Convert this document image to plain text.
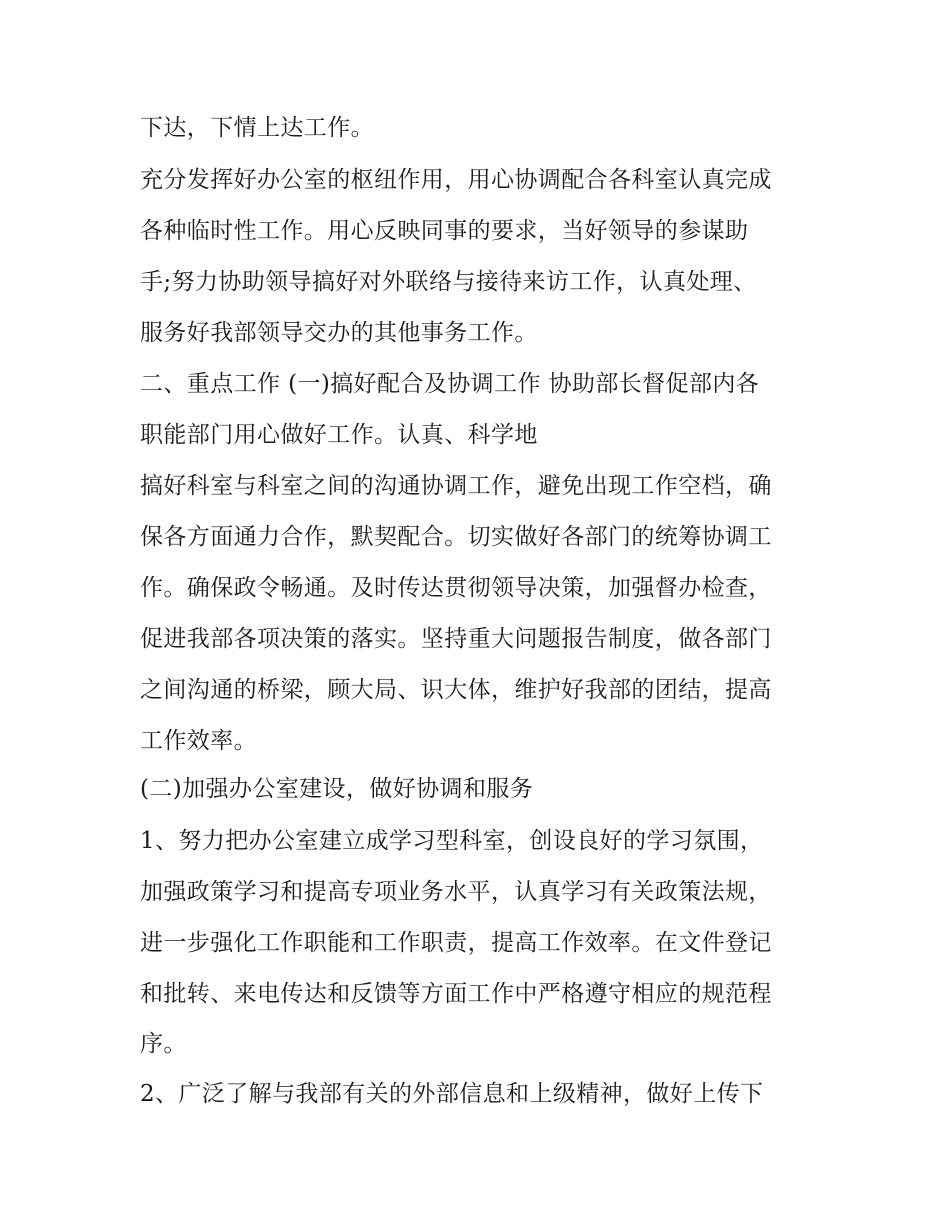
下达，下情上达工作。
充分发挥好办公室的枢纽作用，用心协调配合各科室认真完成
各种临时性工作。用心反映同事的要求，当好领导的参谋助
手;努力协助领导搞好对外联络与接待来访工作，认真处理、
服务好我部领导交办的其他事务工作。
二、重点工作 (一)搞好配合及协调工作 协助部长督促部内各
职能部门用心做好工作。认真、科学地
搞好科室与科室之间的沟通协调工作，避免出现工作空档，确
保各方面通力合作，默契配合。切实做好各部门的统筹协调工
作。确保政令畅通。及时传达贯彻领导决策，加强督办检查，
促进我部各项决策的落实。坚持重大问题报告制度，做各部门
之间沟通的桥梁，顾大局、识大体，维护好我部的团结，提高
工作效率。
(二)加强办公室建设，做好协调和服务
1、努力把办公室建立成学习型科室，创设良好的学习氛围，
加强政策学习和提高专项业务水平，认真学习有关政策法规，
进一步强化工作职能和工作职责，提高工作效率。在文件登记
和批转、来电传达和反馈等方面工作中严格遵守相应的规范程
序。
2、广泛了解与我部有关的外部信息和上级精神，做好上传下
